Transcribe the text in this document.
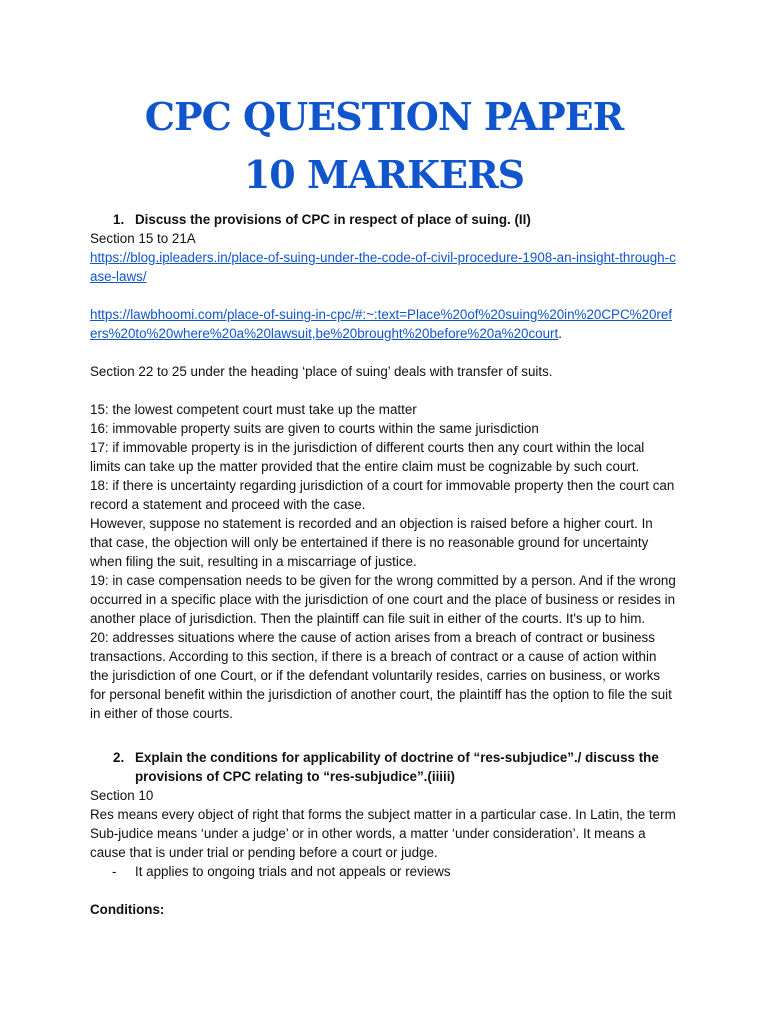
CPC QUESTION PAPER
10 MARKERS
1. Discuss the provisions of CPC in respect of place of suing. (II)

Section 15 to 21A

https://blog.ipleaders.in/place-of-suing-under-the-code-of-civil-procedure-1908-an-insight-through-case-laws/

https://lawbhoomi.com/place-of-suing-in-cpc/#:~:text=Place%20of%20suing%20in%20CPC%20refers%20to%20where%20a%20lawsuit,be%20brought%20before%20a%20court.

Section 22 to 25 under the heading ‘place of suing’ deals with transfer of suits.

15: the lowest competent court must take up the matter

16: immovable property suits are given to courts within the same jurisdiction

17: if immovable property is in the jurisdiction of different courts then any court within the local limits can take up the matter provided that the entire claim must be cognizable by such court.

18: if there is uncertainty regarding jurisdiction of a court for immovable property then the court can record a statement and proceed with the case.

However, suppose no statement is recorded and an objection is raised before a higher court. In that case, the objection will only be entertained if there is no reasonable ground for uncertainty when filing the suit, resulting in a miscarriage of justice.

19: in case compensation needs to be given for the wrong committed by a person. And if the wrong occurred in a specific place with the jurisdiction of one court and the place of business or resides in another place of jurisdiction. Then the plaintiff can file suit in either of the courts. It's up to him.

20: addresses situations where the cause of action arises from a breach of contract or business transactions. According to this section, if there is a breach of contract or a cause of action within the jurisdiction of one Court, or if the defendant voluntarily resides, carries on business, or works for personal benefit within the jurisdiction of another court, the plaintiff has the option to file the suit in either of those courts.

2. Explain the conditions for applicability of doctrine of “res-subjudice”./ discuss the provisions of CPC relating to “res-subjudice”.(iiiii)

Section 10

Res means every object of right that forms the subject matter in a particular case. In Latin, the term Sub-judice means ‘under a judge’ or in other words, a matter ‘under consideration’. It means a cause that is under trial or pending before a court or judge.

- It applies to ongoing trials and not appeals or reviews

Conditions:
